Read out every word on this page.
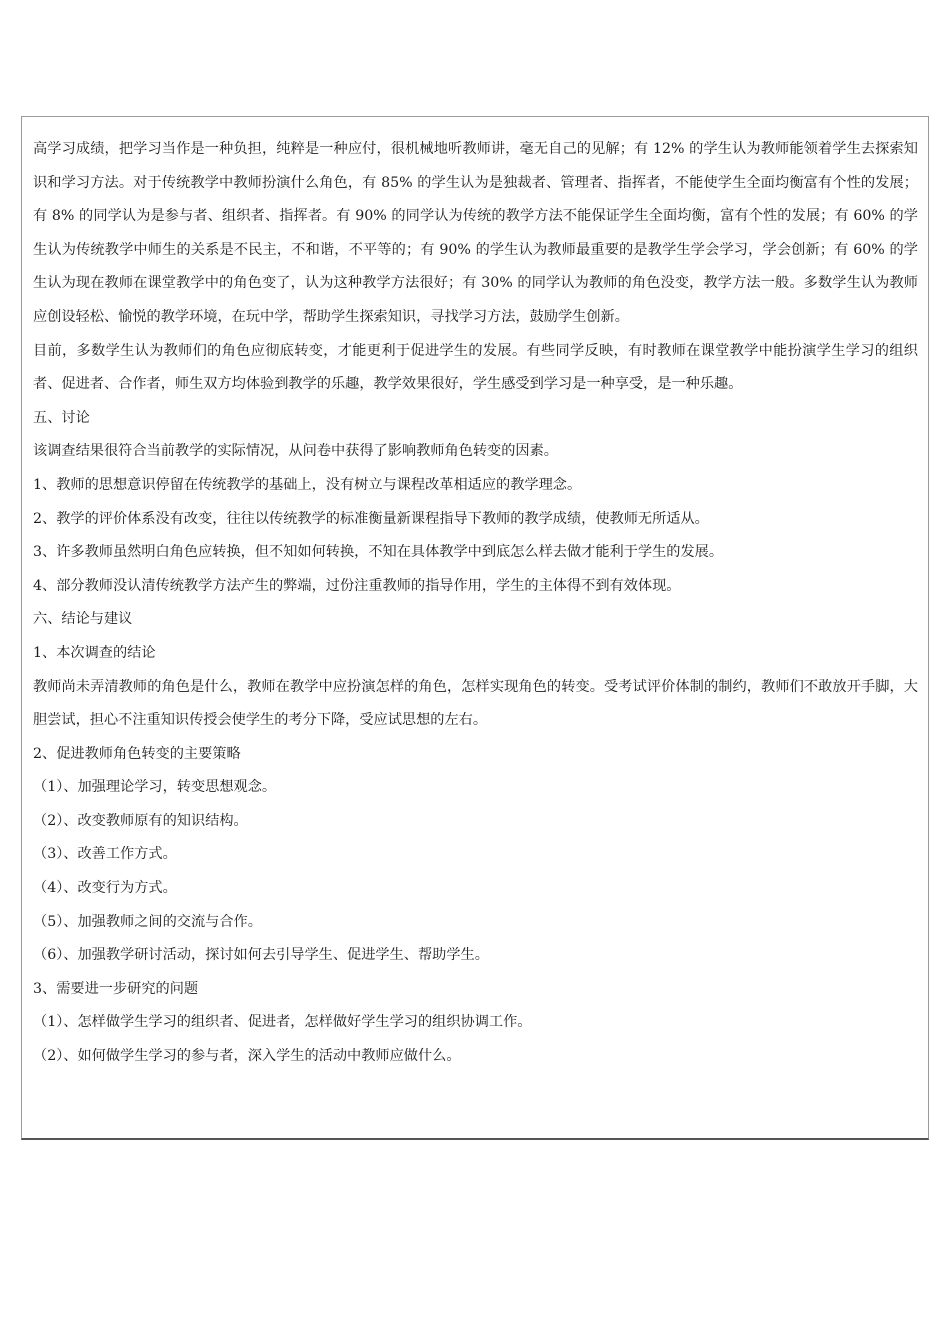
高学习成绩，把学习当作是一种负担，纯粹是一种应付，很机械地听教师讲，毫无自己的见解；有 12% 的学生认为教师能领着学生去探索知识和学习方法。对于传统教学中教师扮演什么角色，有 85% 的学生认为是独裁者、管理者、指挥者，不能使学生全面均衡富有个性的发展；有 8% 的同学认为是参与者、组织者、指挥者。有 90% 的同学认为传统的教学方法不能保证学生全面均衡，富有个性的发展；有 60% 的学生认为传统教学中师生的关系是不民主，不和谐，不平等的；有 90% 的学生认为教师最重要的是教学生学会学习，学会创新；有 60% 的学生认为现在教师在课堂教学中的角色变了，认为这种教学方法很好；有 30% 的同学认为教师的角色没变，教学方法一般。多数学生认为教师应创设轻松、愉悦的教学环境，在玩中学，帮助学生探索知识，寻找学习方法，鼓励学生创新。

目前，多数学生认为教师们的角色应彻底转变，才能更利于促进学生的发展。有些同学反映，有时教师在课堂教学中能扮演学生学习的组织者、促进者、合作者，师生双方均体验到教学的乐趣，教学效果很好，学生感受到学习是一种享受，是一种乐趣。

五、讨论

该调查结果很符合当前教学的实际情况，从问卷中获得了影响教师角色转变的因素。

1、教师的思想意识停留在传统教学的基础上，没有树立与课程改革相适应的教学理念。

2、教学的评价体系没有改变，往往以传统教学的标准衡量新课程指导下教师的教学成绩，使教师无所适从。

3、许多教师虽然明白角色应转换，但不知如何转换，不知在具体教学中到底怎么样去做才能利于学生的发展。

4、部分教师没认清传统教学方法产生的弊端，过份注重教师的指导作用，学生的主体得不到有效体现。

六、结论与建议

1、本次调查的结论

教师尚未弄清教师的角色是什么，教师在教学中应扮演怎样的角色，怎样实现角色的转变。受考试评价体制的制约，教师们不敢放开手脚，大胆尝试，担心不注重知识传授会使学生的考分下降，受应试思想的左右。

2、促进教师角色转变的主要策略

（1）、加强理论学习，转变思想观念。

（2）、改变教师原有的知识结构。

（3）、改善工作方式。

（4）、改变行为方式。

（5）、加强教师之间的交流与合作。

（6）、加强教学研讨活动，探讨如何去引导学生、促进学生、帮助学生。

3、需要进一步研究的问题

（1）、怎样做学生学习的组织者、促进者，怎样做好学生学习的组织协调工作。

（2）、如何做学生学习的参与者，深入学生的活动中教师应做什么。
